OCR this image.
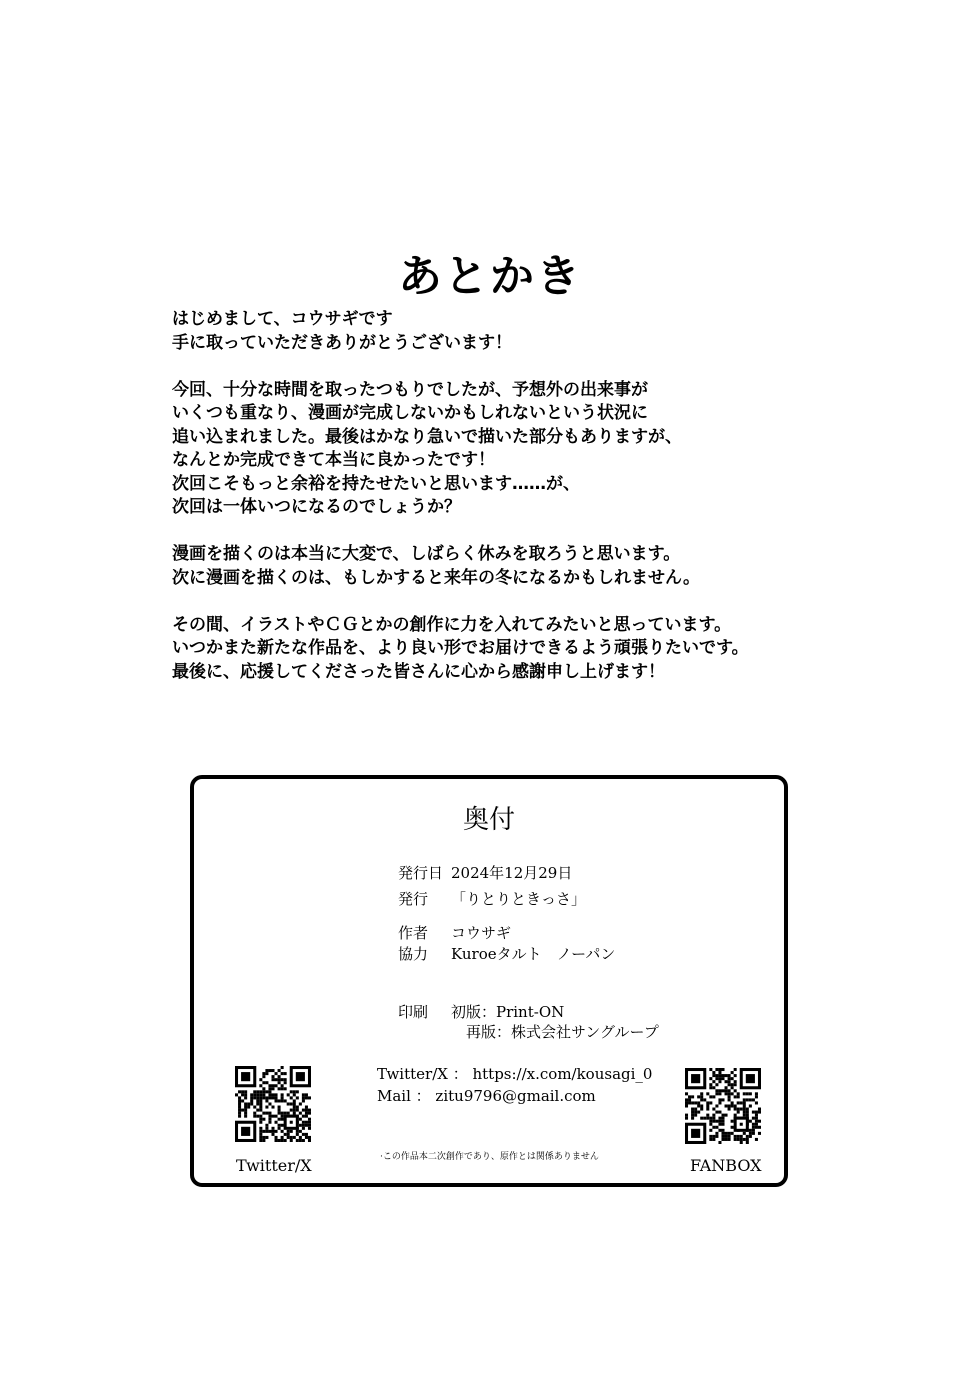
あとかき
はじめまして、コウサギです
手に取っていただきありがとうございます！
今回、十分な時間を取ったつもりでしたが、予想外の出来事が
いくつも重なり、漫画が完成しないかもしれないという状況に
追い込まれました。最後はかなり急いで描いた部分もありますが、
なんとか完成できて本当に良かったです！
次回こそもっと余裕を持たせたいと思います……が、
次回は一体いつになるのでしょうか？
漫画を描くのは本当に大変で、しばらく休みを取ろうと思います。
次に漫画を描くのは、もしかすると来年の冬になるかもしれません。
その間、イラストやＣＧとかの創作に力を入れてみたいと思っています。
いつかまた新たな作品を、より良い形でお届けできるよう頑張りたいです。
最後に、応援してくださった皆さんに心から感謝申し上げます！
奥付
発行日 2024年12月29日
発行 「りとりときっさ」
作者 コウサギ
協力 Kuroeタルト　ノーパン
印刷 初版：Print-ON
再版：株式会社サングループ
Twitter/X ： https://x.com/kousagi_0
Mail ： zitu9796@gmail.com
Twitter/X	FANBOX
·この作品本二次創作であり、原作とは関係ありません
